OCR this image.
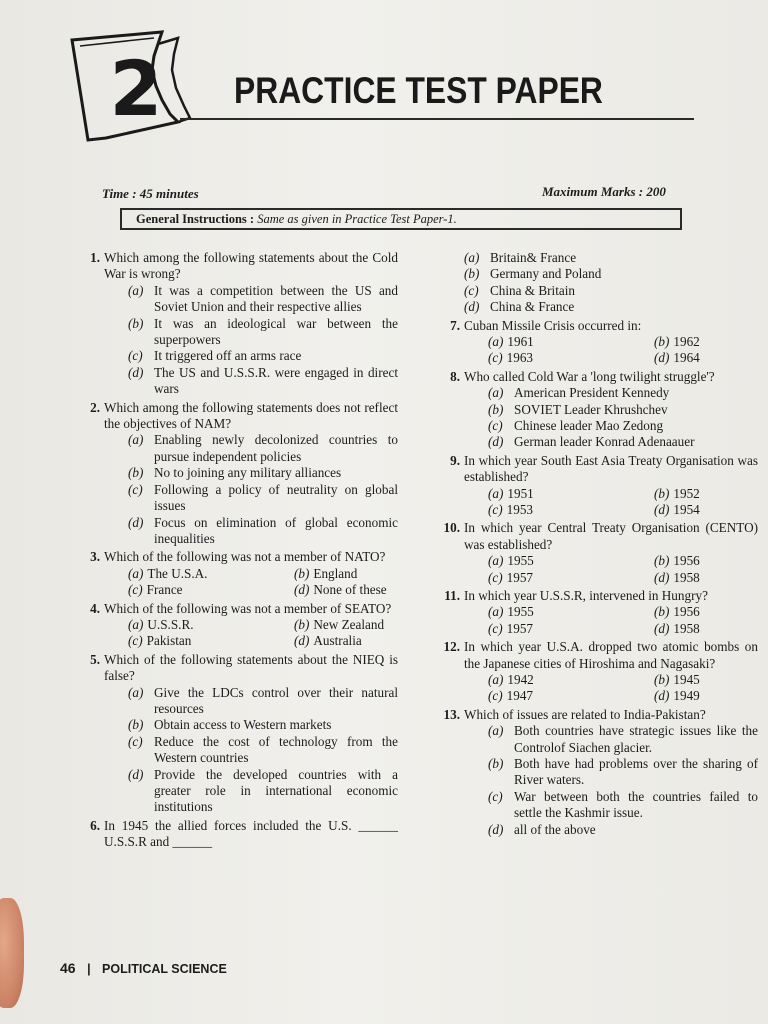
2	PRACTICE TEST PAPER
Time : 45 minutes	Maximum Marks : 200
General Instructions : Same as given in Practice Test Paper-1.
1. Which among the following statements about the Cold War is wrong?
(a) It was a competition between the US and Soviet Union and their respective allies
(b) It was an ideological war between the superpowers
(c) It triggered off an arms race
(d) The US and U.S.S.R. were engaged in direct wars
2. Which among the following statements does not reflect the objectives of NAM?
(a) Enabling newly decolonized countries to pursue independent policies
(b) No to joining any military alliances
(c) Following a policy of neutrality on global issues
(d) Focus on elimination of global economic inequalities
3. Which of the following was not a member of NATO?
(a) The U.S.A.	(b) England
(c) France	(d) None of these
4. Which of the following was not a member of SEATO?
(a) U.S.S.R.	(b) New Zealand
(c) Pakistan	(d) Australia
5. Which of the following statements about the NIEQ is false?
(a) Give the LDCs control over their natural resources
(b) Obtain access to Western markets
(c) Reduce the cost of technology from the Western countries
(d) Provide the developed countries with a greater role in international economic institutions
6. In 1945 the allied forces included the U.S. ______ U.S.S.R and ______
(a) Britain& France
(b) Germany and Poland
(c) China & Britain
(d) China & France
7. Cuban Missile Crisis occurred in:
(a) 1961	(b) 1962
(c) 1963	(d) 1964
8. Who called Cold War a 'long twilight struggle'?
(a) American President Kennedy
(b) SOVIET Leader Khrushchev
(c) Chinese leader Mao Zedong
(d) German leader Konrad Adenaauer
9. In which year South East Asia Treaty Organisation was established?
(a) 1951	(b) 1952
(c) 1953	(d) 1954
10. In which year Central Treaty Organisation (CENTO) was established?
(a) 1955	(b) 1956
(c) 1957	(d) 1958
11. In which year U.S.S.R, intervened in Hungry?
(a) 1955	(b) 1956
(c) 1957	(d) 1958
12. In which year U.S.A. dropped two atomic bombs on the Japanese cities of Hiroshima and Nagasaki?
(a) 1942	(b) 1945
(c) 1947	(d) 1949
13. Which of issues are related to India-Pakistan?
(a) Both countries have strategic issues like the Controlof Siachen glacier.
(b) Both have had problems over the sharing of River waters.
(c) War between both the countries failed to settle the Kashmir issue.
(d) all of the above
46 | POLITICAL SCIENCE
